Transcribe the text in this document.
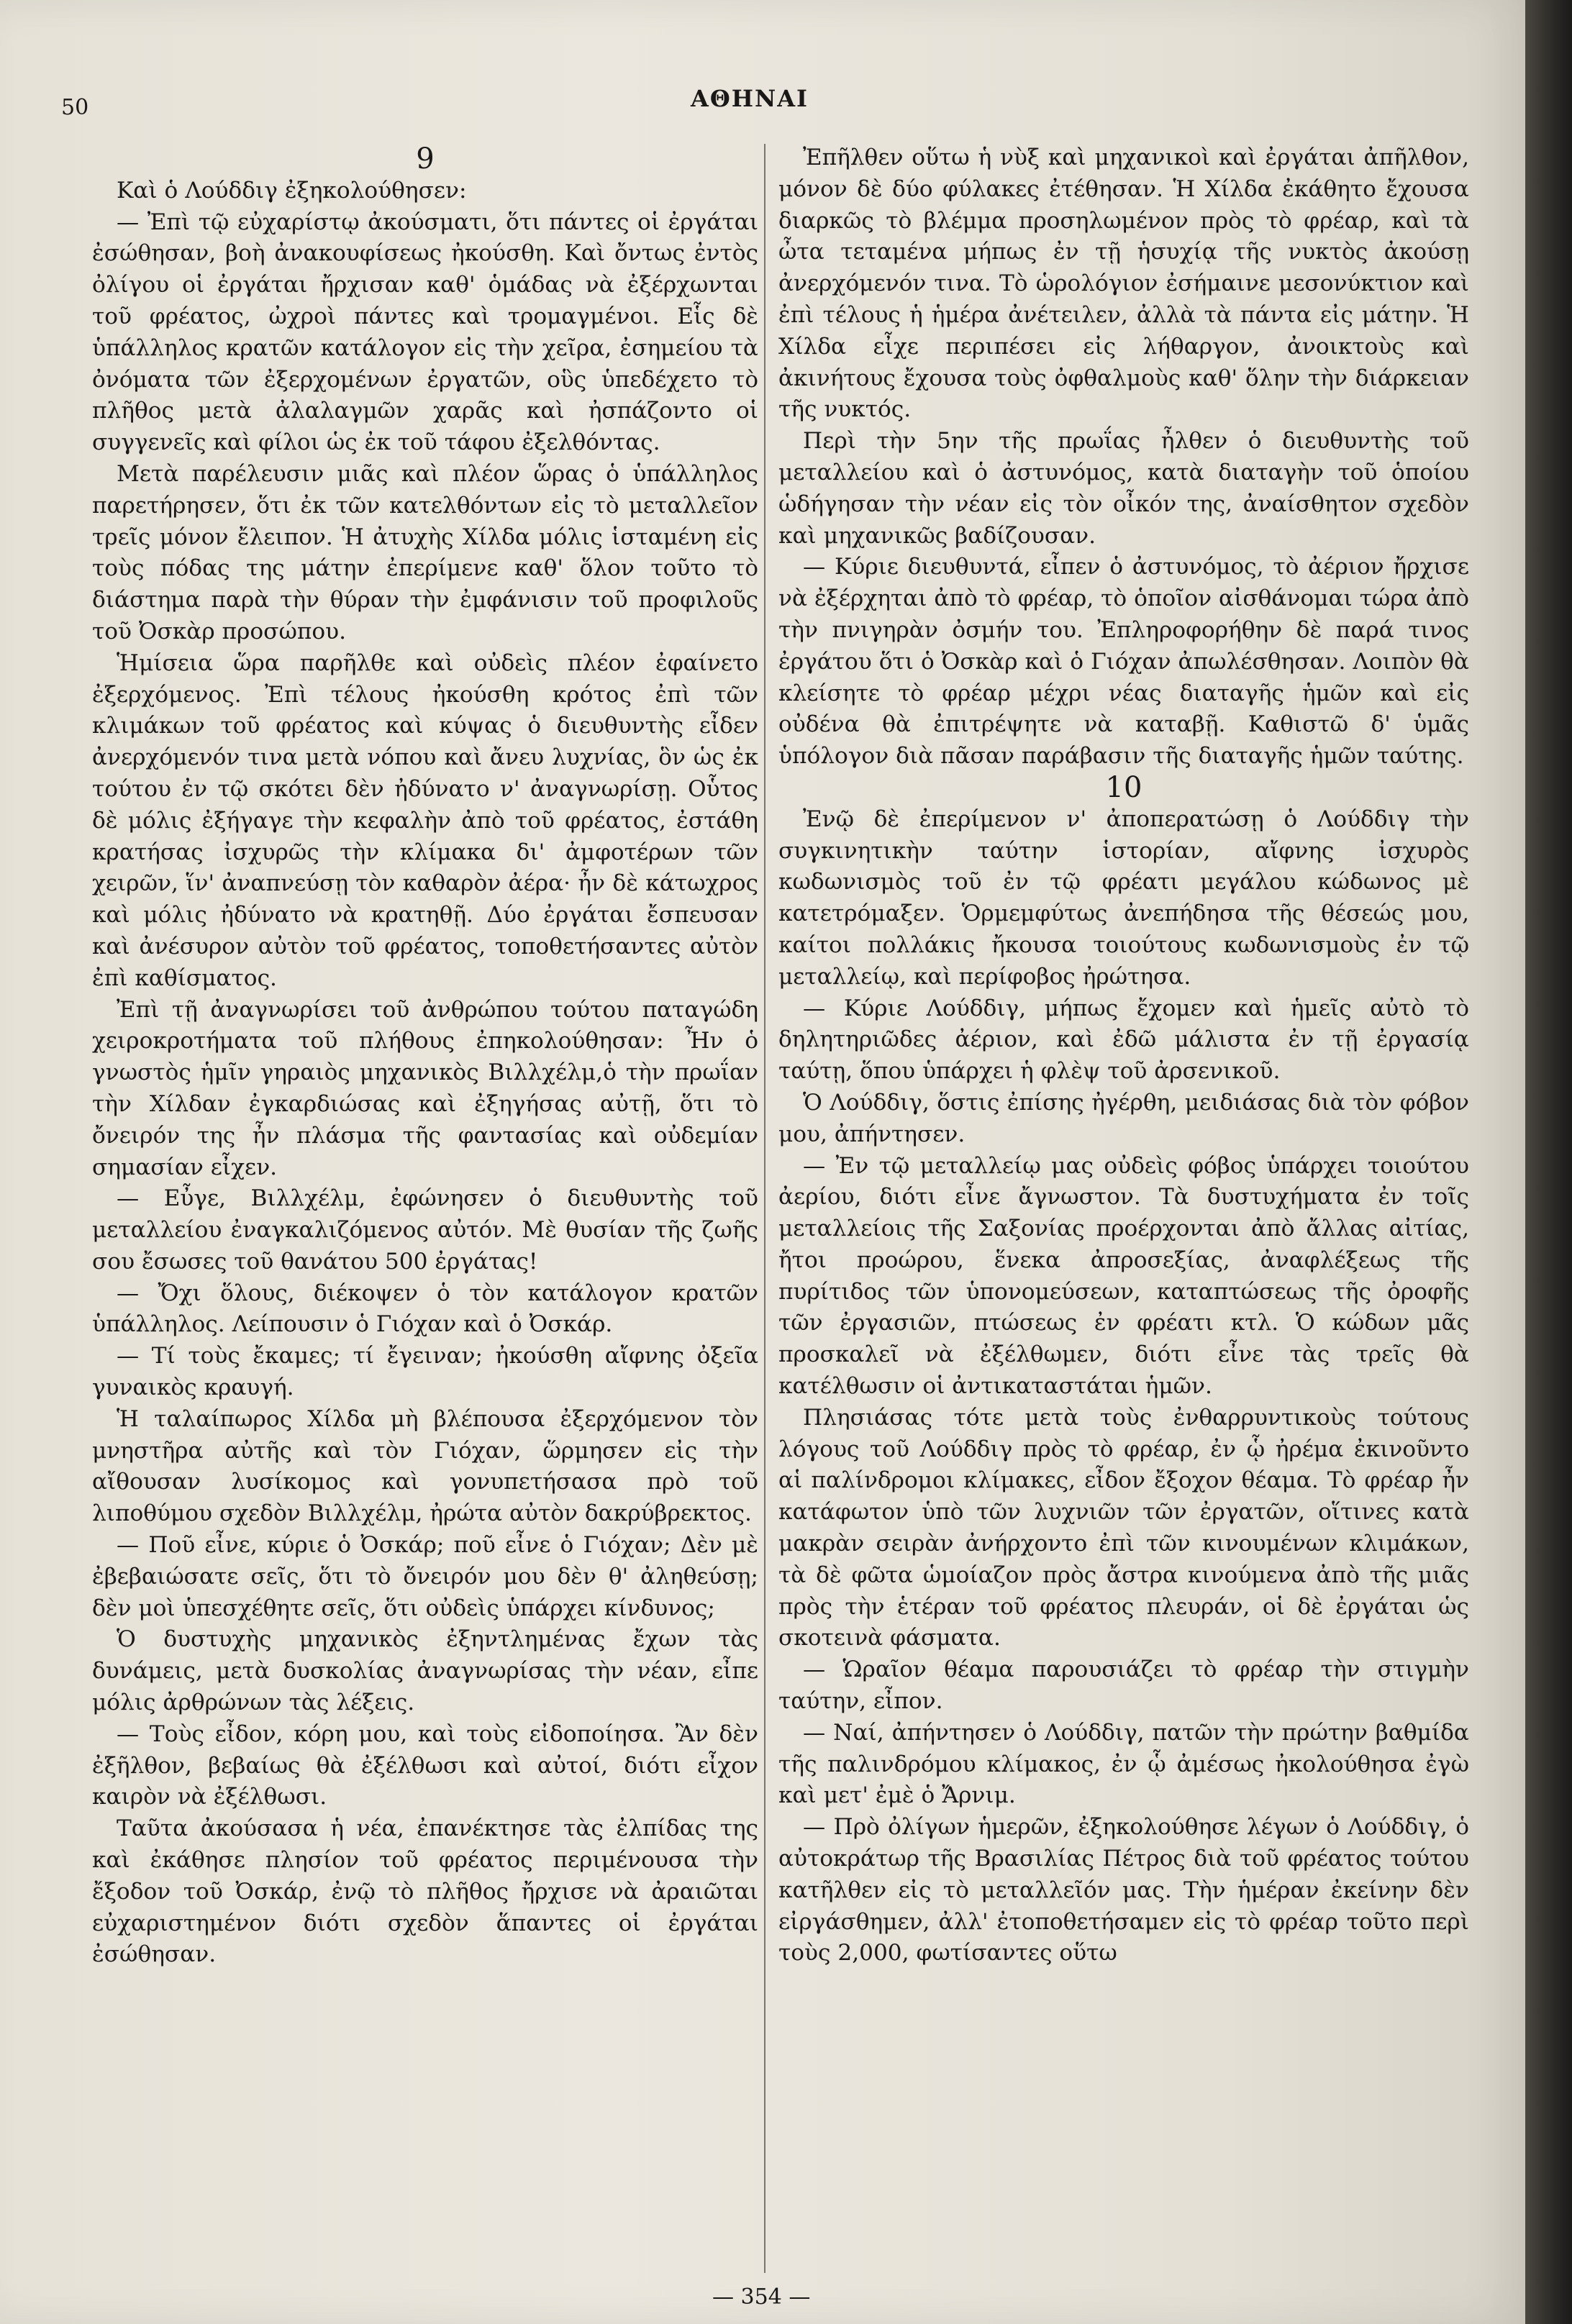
50	ΑΘΗΝΑΙ

9

Καὶ ὁ Λούδδιγ ἐξηκολούθησεν:

— Ἐπὶ τῷ εὐχαρίστῳ ἀκούσματι, ὅτι πάντες οἱ ἐργάται ἐσώθησαν, βοὴ ἀνακουφίσεως ἠκούσθη. Καὶ ὄντως ἐντὸς ὀλίγου οἱ ἐργάται ἤρχισαν καθ' ὁμάδας νὰ ἐξέρχωνται τοῦ φρέατος, ὠχροὶ πάντες καὶ τρομαγμένοι. Εἷς δὲ ὑπάλληλος κρατῶν κατάλογον εἰς τὴν χεῖρα, ἐσημείου τὰ ὀνόματα τῶν ἐξερχομένων ἐργατῶν, οὓς ὑπεδέχετο τὸ πλῆθος μετὰ ἀλαλαγμῶν χαρᾶς καὶ ἠσπάζοντο οἱ συγγενεῖς καὶ φίλοι ὡς ἐκ τοῦ τάφου ἐξελθόντας.

Μετὰ παρέλευσιν μιᾶς καὶ πλέον ὥρας ὁ ὑπάλληλος παρετήρησεν, ὅτι ἐκ τῶν κατελθόντων εἰς τὸ μεταλλεῖον τρεῖς μόνον ἔλειπον. Ἡ ἀτυχὴς Χίλδα μόλις ἱσταμένη εἰς τοὺς πόδας της μάτην ἐπερίμενε καθ' ὅλον τοῦτο τὸ διάστημα παρὰ τὴν θύραν τὴν ἐμφάνισιν τοῦ προφιλοῦς τοῦ Ὀσκὰρ προσώπου.

Ἡμίσεια ὥρα παρῆλθε καὶ οὐδεὶς πλέον ἐφαίνετο ἐξερχόμενος. Ἐπὶ τέλους ἠκούσθη κρότος ἐπὶ τῶν κλιμάκων τοῦ φρέατος καὶ κύψας ὁ διευθυντὴς εἶδεν ἀνερχόμενόν τινα μετὰ νόπου καὶ ἄνευ λυχνίας, ὃν ὡς ἐκ τούτου ἐν τῷ σκότει δὲν ἠδύνατο ν' ἀναγνωρίσῃ. Οὗτος δὲ μόλις ἐξήγαγε τὴν κεφαλὴν ἀπὸ τοῦ φρέατος, ἐστάθη κρατήσας ἰσχυρῶς τὴν κλίμακα δι' ἀμφοτέρων τῶν χειρῶν, ἵν' ἀναπνεύσῃ τὸν καθαρὸν ἀέρα· ἦν δὲ κάτωχρος καὶ μόλις ἠδύνατο νὰ κρατηθῇ. Δύο ἐργάται ἔσπευσαν καὶ ἀνέσυρον αὐτὸν τοῦ φρέατος, τοποθετήσαντες αὐτὸν ἐπὶ καθίσματος.

Ἐπὶ τῇ ἀναγνωρίσει τοῦ ἀνθρώπου τούτου παταγώδη χειροκροτήματα τοῦ πλήθους ἐπηκολούθησαν: Ἦν ὁ γνωστὸς ἡμῖν γηραιὸς μηχανικὸς Βιλλχέλμ,ὁ τὴν πρωΐαν τὴν Χίλδαν ἐγκαρδιώσας καὶ ἐξηγήσας αὐτῇ, ὅτι τὸ ὄνειρόν της ἦν πλάσμα τῆς φαντασίας καὶ οὐδεμίαν σημασίαν εἶχεν.

— Εὖγε, Βιλλχέλμ, ἐφώνησεν ὁ διευθυντὴς τοῦ μεταλλείου ἐναγκαλιζόμενος αὐτόν. Μὲ θυσίαν τῆς ζωῆς σου ἔσωσες τοῦ θανάτου 500 ἐργάτας!

— Ὄχι ὅλους, διέκοψεν ὁ τὸν κατάλογον κρατῶν ὑπάλληλος. Λείπουσιν ὁ Γιόχαν καὶ ὁ Ὀσκάρ.

— Τί τοὺς ἔκαμες; τί ἔγειναν; ἠκούσθη αἴφνης ὀξεῖα γυναικὸς κραυγή.

Ἡ ταλαίπωρος Χίλδα μὴ βλέπουσα ἐξερχόμενον τὸν μνηστῆρα αὐτῆς καὶ τὸν Γιόχαν, ὥρμησεν εἰς τὴν αἴθουσαν λυσίκομος καὶ γονυπετήσασα πρὸ τοῦ λιποθύμου σχεδὸν Βιλλχέλμ, ἠρώτα αὐτὸν δακρύβρεκτος.

— Ποῦ εἶνε, κύριε ὁ Ὀσκάρ; ποῦ εἶνε ὁ Γιόχαν; Δὲν μὲ ἐβεβαιώσατε σεῖς, ὅτι τὸ ὄνειρόν μου δὲν θ' ἀληθεύσῃ; δὲν μοὶ ὑπεσχέθητε σεῖς, ὅτι οὐδεὶς ὑπάρχει κίνδυνος;

Ὁ δυστυχὴς μηχανικὸς ἐξηντλημένας ἔχων τὰς δυνάμεις, μετὰ δυσκολίας ἀναγνωρίσας τὴν νέαν, εἶπε μόλις ἀρθρώνων τὰς λέξεις.

— Τοὺς εἶδον, κόρη μου, καὶ τοὺς εἰδοποίησα. Ἂν δὲν ἐξῆλθον, βεβαίως θὰ ἐξέλθωσι καὶ αὐτοί, διότι εἶχον καιρὸν νὰ ἐξέλθωσι.

Ταῦτα ἀκούσασα ἡ νέα, ἐπανέκτησε τὰς ἐλπίδας της καὶ ἐκάθησε πλησίον τοῦ φρέατος περιμένουσα τὴν ἔξοδον τοῦ Ὀσκάρ, ἐνῷ τὸ πλῆθος ἤρχισε νὰ ἀραιῶται εὐχαριστημένον διότι σχεδὸν ἅπαντες οἱ ἐργάται ἐσώθησαν.

Ἐπῆλθεν οὕτω ἡ νὺξ καὶ μηχανικοὶ καὶ ἐργάται ἀπῆλθον, μόνον δὲ δύο φύλακες ἐτέθησαν. Ἡ Χίλδα ἐκάθητο ἔχουσα διαρκῶς τὸ βλέμμα προσηλωμένον πρὸς τὸ φρέαρ, καὶ τὰ ὦτα τεταμένα μήπως ἐν τῇ ἡσυχίᾳ τῆς νυκτὸς ἀκούσῃ ἀνερχόμενόν τινα. Τὸ ὡρολόγιον ἐσήμαινε μεσονύκτιον καὶ ἐπὶ τέλους ἡ ἡμέρα ἀνέτειλεν, ἀλλὰ τὰ πάντα εἰς μάτην. Ἡ Χίλδα εἶχε περιπέσει εἰς λήθαργον, ἀνοικτοὺς καὶ ἀκινήτους ἔχουσα τοὺς ὀφθαλμοὺς καθ' ὅλην τὴν διάρκειαν τῆς νυκτός.

Περὶ τὴν 5ην τῆς πρωΐας ἦλθεν ὁ διευθυντὴς τοῦ μεταλλείου καὶ ὁ ἀστυνόμος, κατὰ διαταγὴν τοῦ ὁποίου ὡδήγησαν τὴν νέαν εἰς τὸν οἶκόν της, ἀναίσθητον σχεδὸν καὶ μηχανικῶς βαδίζουσαν.

— Κύριε διευθυντά, εἶπεν ὁ ἀστυνόμος, τὸ ἀέριον ἤρχισε νὰ ἐξέρχηται ἀπὸ τὸ φρέαρ, τὸ ὁποῖον αἰσθάνομαι τώρα ἀπὸ τὴν πνιγηρὰν ὀσμήν του. Ἐπληροφορήθην δὲ παρά τινος ἐργάτου ὅτι ὁ Ὀσκὰρ καὶ ὁ Γιόχαν ἀπωλέσθησαν. Λοιπὸν θὰ κλείσητε τὸ φρέαρ μέχρι νέας διαταγῆς ἡμῶν καὶ εἰς οὐδένα θὰ ἐπιτρέψητε νὰ καταβῇ. Καθιστῶ δ' ὑμᾶς ὑπόλογον διὰ πᾶσαν παράβασιν τῆς διαταγῆς ἡμῶν ταύτης.

10

Ἐνῷ δὲ ἐπερίμενον ν' ἀποπερατώσῃ ὁ Λούδδιγ τὴν συγκινητικὴν ταύτην ἱστορίαν, αἴφνης ἰσχυρὸς κωδωνισμὸς τοῦ ἐν τῷ φρέατι μεγάλου κώδωνος μὲ κατετρόμαξεν. Ὁρμεμφύτως ἀνεπήδησα τῆς θέσεώς μου, καίτοι πολλάκις ἤκουσα τοιούτους κωδωνισμοὺς ἐν τῷ μεταλλείῳ, καὶ περίφοβος ἠρώτησα.

— Κύριε Λούδδιγ, μήπως ἔχομεν καὶ ἡμεῖς αὐτὸ τὸ δηλητηριῶδες ἀέριον, καὶ ἐδῶ μάλιστα ἐν τῇ ἐργασίᾳ ταύτῃ, ὅπου ὑπάρχει ἡ φλὲψ τοῦ ἀρσενικοῦ.

Ὁ Λούδδιγ, ὅστις ἐπίσης ἠγέρθη, μειδιάσας διὰ τὸν φόβον μου, ἀπήντησεν.

— Ἐν τῷ μεταλλείῳ μας οὐδεὶς φόβος ὑπάρχει τοιούτου ἀερίου, διότι εἶνε ἄγνωστον. Τὰ δυστυχήματα ἐν τοῖς μεταλλείοις τῆς Σαξονίας προέρχονται ἀπὸ ἄλλας αἰτίας, ἤτοι προώρου, ἕνεκα ἀπροσεξίας, ἀναφλέξεως τῆς πυρίτιδος τῶν ὑπονομεύσεων, καταπτώσεως τῆς ὀροφῆς τῶν ἐργασιῶν, πτώσεως ἐν φρέατι κτλ. Ὁ κώδων μᾶς προσκαλεῖ νὰ ἐξέλθωμεν, διότι εἶνε τὰς τρεῖς θὰ κατέλθωσιν οἱ ἀντικαταστάται ἡμῶν.

Πλησιάσας τότε μετὰ τοὺς ἐνθαρρυντικοὺς τούτους λόγους τοῦ Λούδδιγ πρὸς τὸ φρέαρ, ἐν ᾧ ἠρέμα ἐκινοῦντο αἱ παλίνδρομοι κλίμακες, εἶδον ἔξοχον θέαμα. Τὸ φρέαρ ἦν κατάφωτον ὑπὸ τῶν λυχνιῶν τῶν ἐργατῶν, οἵτινες κατὰ μακρὰν σειρὰν ἀνήρχοντο ἐπὶ τῶν κινουμένων κλιμάκων, τὰ δὲ φῶτα ὡμοίαζον πρὸς ἄστρα κινούμενα ἀπὸ τῆς μιᾶς πρὸς τὴν ἑτέραν τοῦ φρέατος πλευράν, οἱ δὲ ἐργάται ὡς σκοτεινὰ φάσματα.

— Ὡραῖον θέαμα παρουσιάζει τὸ φρέαρ τὴν στιγμὴν ταύτην, εἶπον.

— Ναί, ἀπήντησεν ὁ Λούδδιγ, πατῶν τὴν πρώτην βαθμίδα τῆς παλινδρόμου κλίμακος, ἐν ᾧ ἀμέσως ἠκολούθησα ἐγὼ καὶ μετ' ἐμὲ ὁ Ἄρνιμ.

— Πρὸ ὀλίγων ἡμερῶν, ἐξηκολούθησε λέγων ὁ Λούδδιγ, ὁ αὐτοκράτωρ τῆς Βρασιλίας Πέτρος διὰ τοῦ φρέατος τούτου κατῆλθεν εἰς τὸ μεταλλεῖόν μας. Τὴν ἡμέραν ἐκείνην δὲν εἰργάσθημεν, ἀλλ' ἐτοποθετήσαμεν εἰς τὸ φρέαρ τοῦτο περὶ τοὺς 2,000, φωτίσαντες οὕτω

— 354 —
